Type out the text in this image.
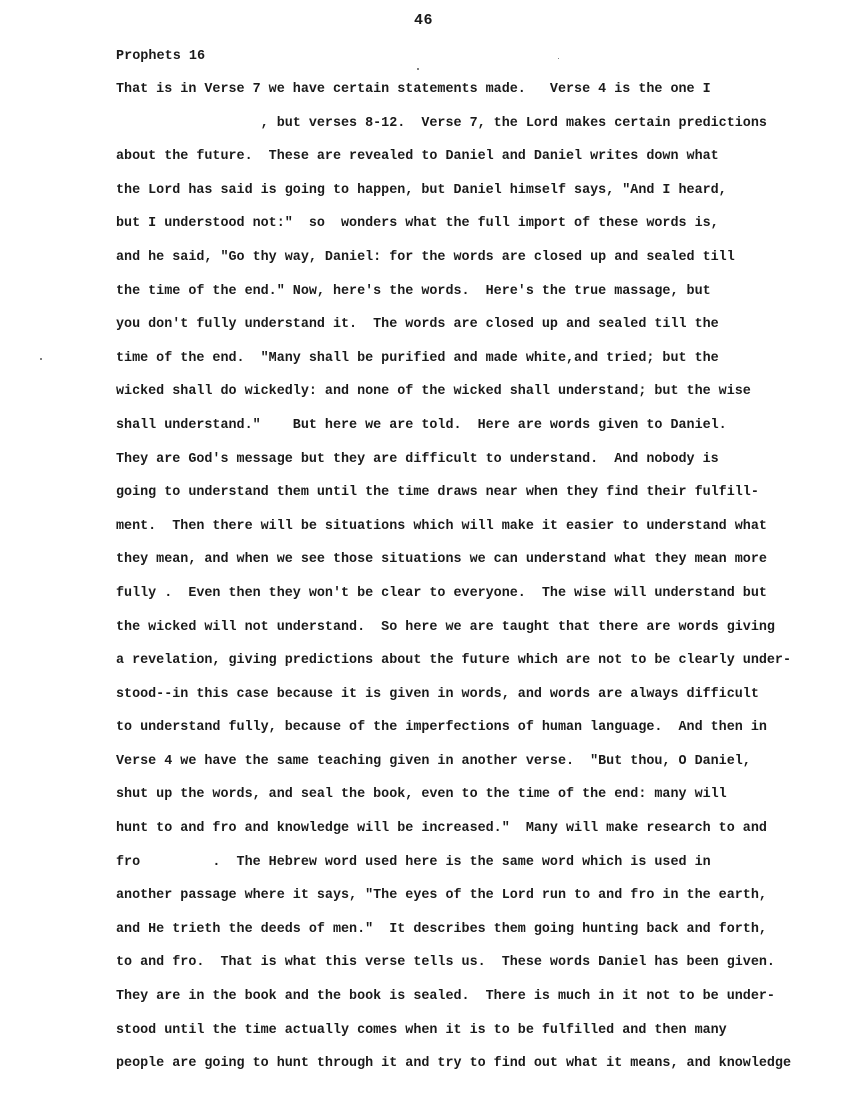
46
Prophets 16
That is in Verse 7 we have certain statements made.   Verse 4 is the one I
, but verses 8-12.  Verse 7, the Lord makes certain predictions
about the future.  These are revealed to Daniel and Daniel writes down what
the Lord has said is going to happen, but Daniel himself says, "And I heard,
but I understood not:"  so  wonders what the full import of these words is,
and he said, "Go thy way, Daniel: for the words are closed up and sealed till
the time of the end." Now, here's the words.  Here's the true massage, but
you don't fully understand it.  The words are closed up and sealed till the
time of the end.  "Many shall be purified and made white,and tried; but the
wicked shall do wickedly: and none of the wicked shall understand; but the wise
shall understand."    But here we are told.  Here are words given to Daniel.
They are God's message but they are difficult to understand.  And nobody is
going to understand them until the time draws near when they find their fulfill-
ment.  Then there will be situations which will make it easier to understand what
they mean, and when we see those situations we can understand what they mean more
fully .  Even then they won't be clear to everyone.  The wise will understand but
the wicked will not understand.  So here we are taught that there are words giving
a revelation, giving predictions about the future which are not to be clearly under-
stood--in this case because it is given in words, and words are always difficult
to understand fully, because of the imperfections of human language.  And then in
Verse 4 we have the same teaching given in another verse.  "But thou, O Daniel,
shut up the words, and seal the book, even to the time of the end: many will
hunt to and fro and knowledge will be increased."  Many will make research to and
fro         .  The Hebrew word used here is the same word which is used in
another passage where it says, "The eyes of the Lord run to and fro in the earth,
and He trieth the deeds of men."  It describes them going hunting back and forth,
to and fro.  That is what this verse tells us.  These words Daniel has been given.
They are in the book and the book is sealed.  There is much in it not to be under-
stood until the time actually comes when it is to be fulfilled and then many
people are going to hunt through it and try to find out what it means, and knowledge
